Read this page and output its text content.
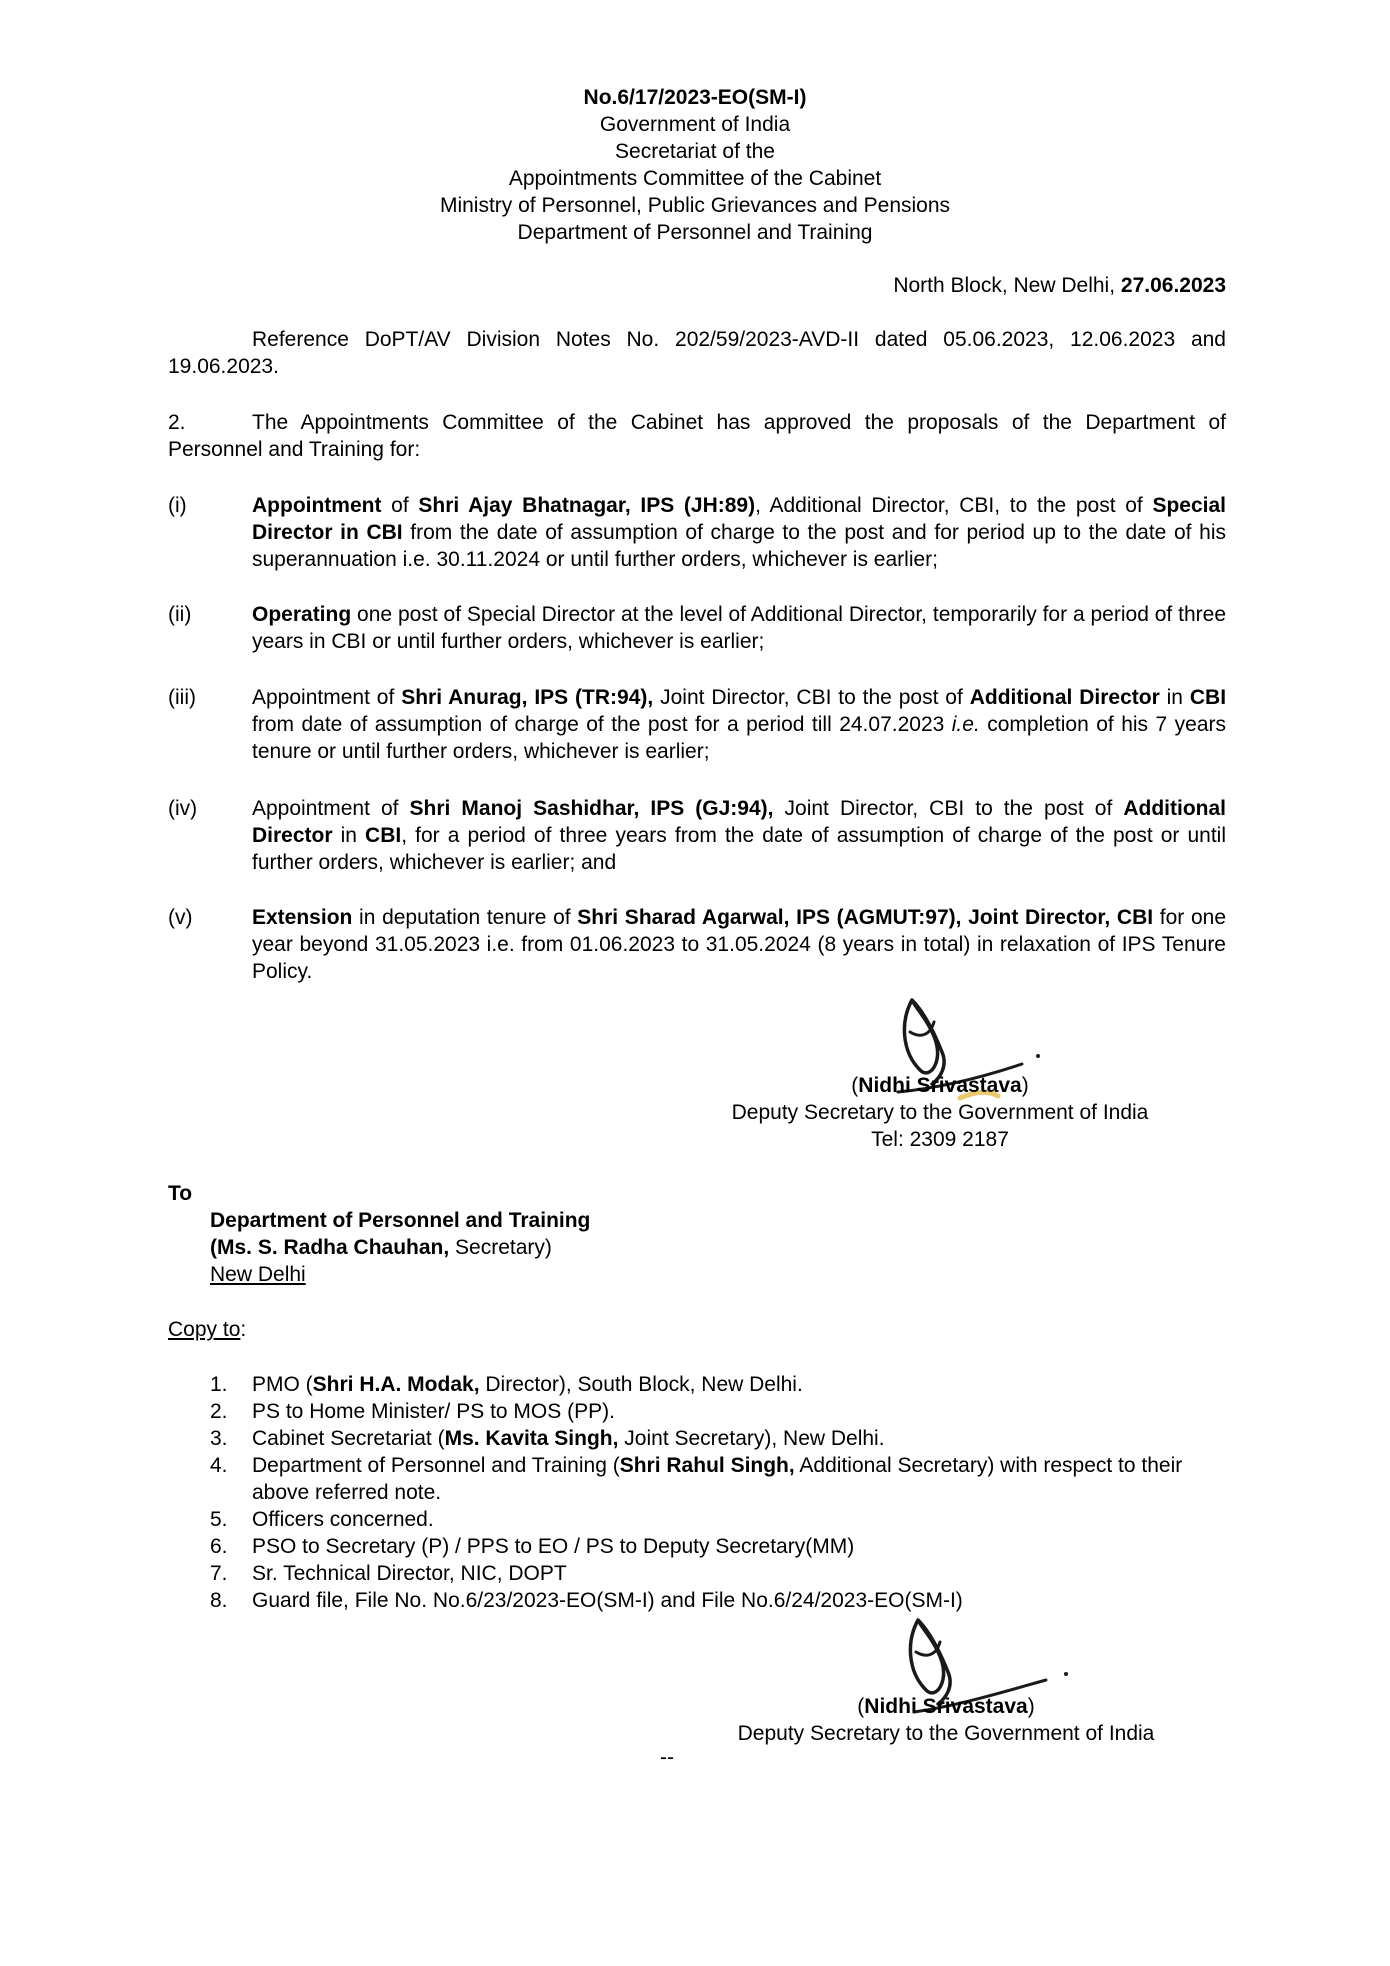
No.6/17/2023-EO(SM-I)
Government of India
Secretariat of the
Appointments Committee of the Cabinet
Ministry of Personnel, Public Grievances and Pensions
Department of Personnel and Training
North Block, New Delhi, 27.06.2023
Reference DoPT/AV Division Notes No. 202/59/2023-AVD-II dated 05.06.2023, 12.06.2023 and 19.06.2023.
2.	The Appointments Committee of the Cabinet has approved the proposals of the Department of Personnel and Training for:
(i)	Appointment of Shri Ajay Bhatnagar, IPS (JH:89), Additional Director, CBI, to the post of Special Director in CBI from the date of assumption of charge to the post and for period up to the date of his superannuation i.e. 30.11.2024 or until further orders, whichever is earlier;
(ii)	Operating one post of Special Director at the level of Additional Director, temporarily for a period of three years in CBI or until further orders, whichever is earlier;
(iii)	Appointment of Shri Anurag, IPS (TR:94), Joint Director, CBI to the post of Additional Director in CBI from date of assumption of charge of the post for a period till 24.07.2023 i.e. completion of his 7 years tenure or until further orders, whichever is earlier;
(iv)	Appointment of Shri Manoj Sashidhar, IPS (GJ:94), Joint Director, CBI to the post of Additional Director in CBI, for a period of three years from the date of assumption of charge of the post or until further orders, whichever is earlier; and
(v)	Extension in deputation tenure of Shri Sharad Agarwal, IPS (AGMUT:97), Joint Director, CBI for one year beyond 31.05.2023 i.e. from 01.06.2023 to 31.05.2024 (8 years in total) in relaxation of IPS Tenure Policy.
(Nidhi Srivastava)
Deputy Secretary to the Government of India
Tel: 2309 2187
To
Department of Personnel and Training
(Ms. S. Radha Chauhan, Secretary)
New Delhi
Copy to:
1. PMO (Shri H.A. Modak, Director), South Block, New Delhi.
2. PS to Home Minister/ PS to MOS (PP).
3. Cabinet Secretariat (Ms. Kavita Singh, Joint Secretary), New Delhi.
4. Department of Personnel and Training (Shri Rahul Singh, Additional Secretary) with respect to their above referred note.
5. Officers concerned.
6. PSO to Secretary (P) / PPS to EO / PS to Deputy Secretary(MM)
7. Sr. Technical Director, NIC, DOPT
8. Guard file, File No. No.6/23/2023-EO(SM-I) and File No.6/24/2023-EO(SM-I)
(Nidhi Srivastava)
Deputy Secretary to the Government of India
--
